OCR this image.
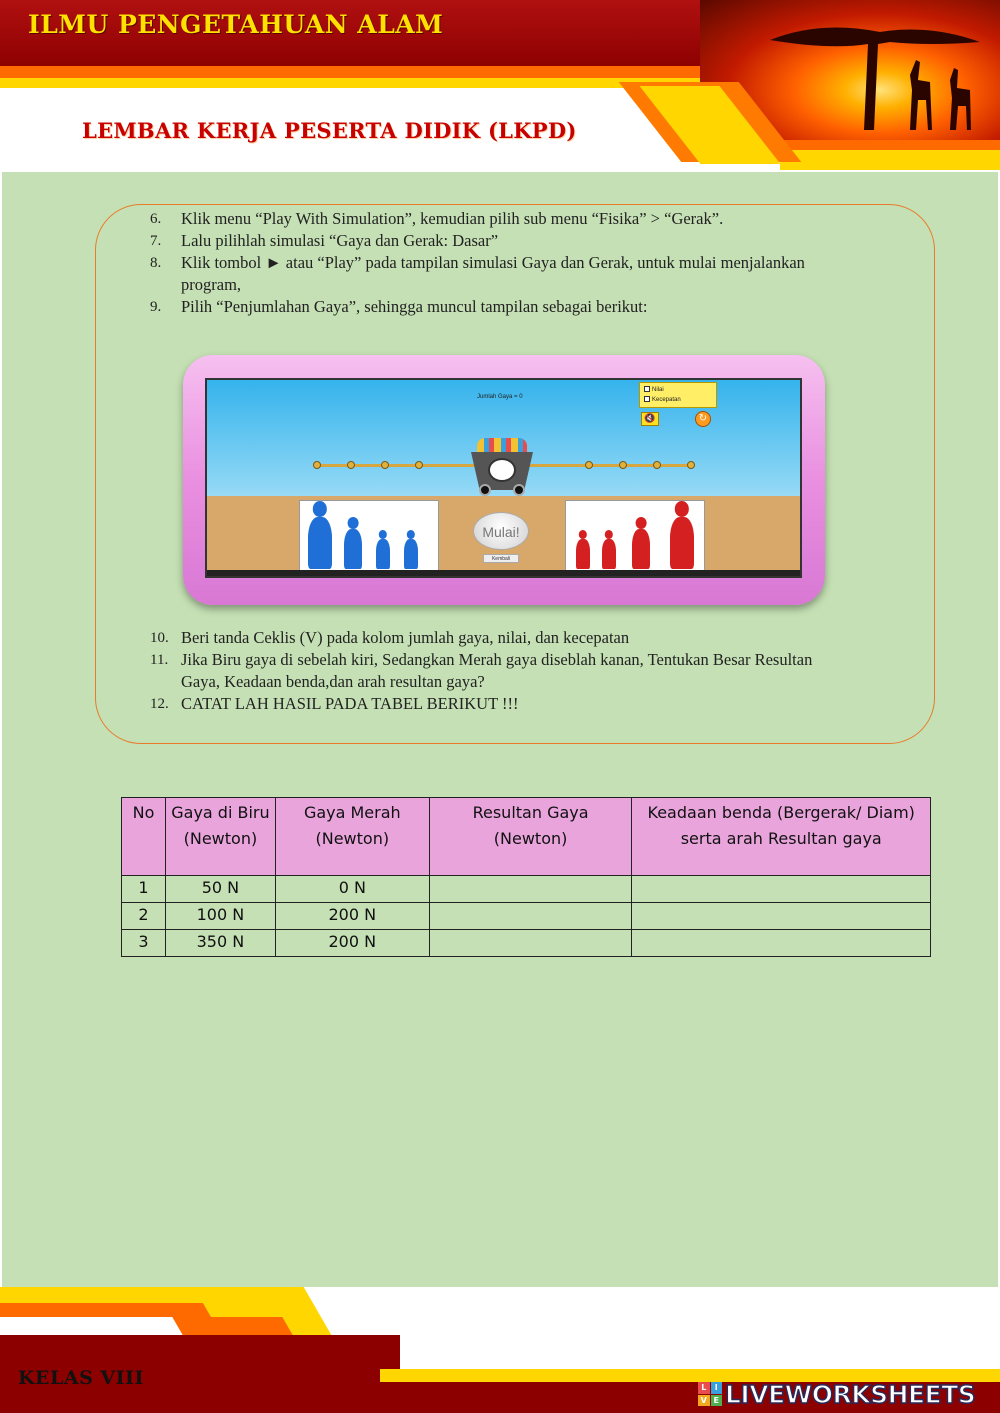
ILMU PENGETAHUAN ALAM
LEMBAR KERJA PESERTA DIDIK (LKPD)
6. Klik menu “Play With Simulation”, kemudian pilih sub menu “Fisika” > “Gerak”.
7. Lalu pilihlah simulasi “Gaya dan Gerak: Dasar”
8. Klik tombol ► atau “Play” pada tampilan simulasi Gaya dan Gerak, untuk mulai menjalankan program,
9. Pilih “Penjumlahan Gaya”, sehingga muncul tampilan sebagai berikut:
Jumlah Gaya = 0
Nilai
Kecepatan
🔇	↻
Mulai!
Kembali
10. Beri tanda Ceklis (V) pada kolom jumlah gaya, nilai, dan kecepatan
11. Jika Biru gaya di sebelah kiri, Sedangkan Merah gaya diseblah kanan, Tentukan Besar Resultan Gaya, Keadaan benda,dan arah resultan gaya?
12. CATAT LAH HASIL PADA TABEL BERIKUT !!!
No	Gaya di Biru (Newton)	Gaya Merah (Newton)	Resultan Gaya (Newton)	Keadaan benda (Bergerak/ Diam) serta arah Resultan gaya
1	50 N	0 N		
2	100 N	200 N		
3	350 N	200 N		
KELAS VIII	L	I
V E LIVEWORKSHEETS
